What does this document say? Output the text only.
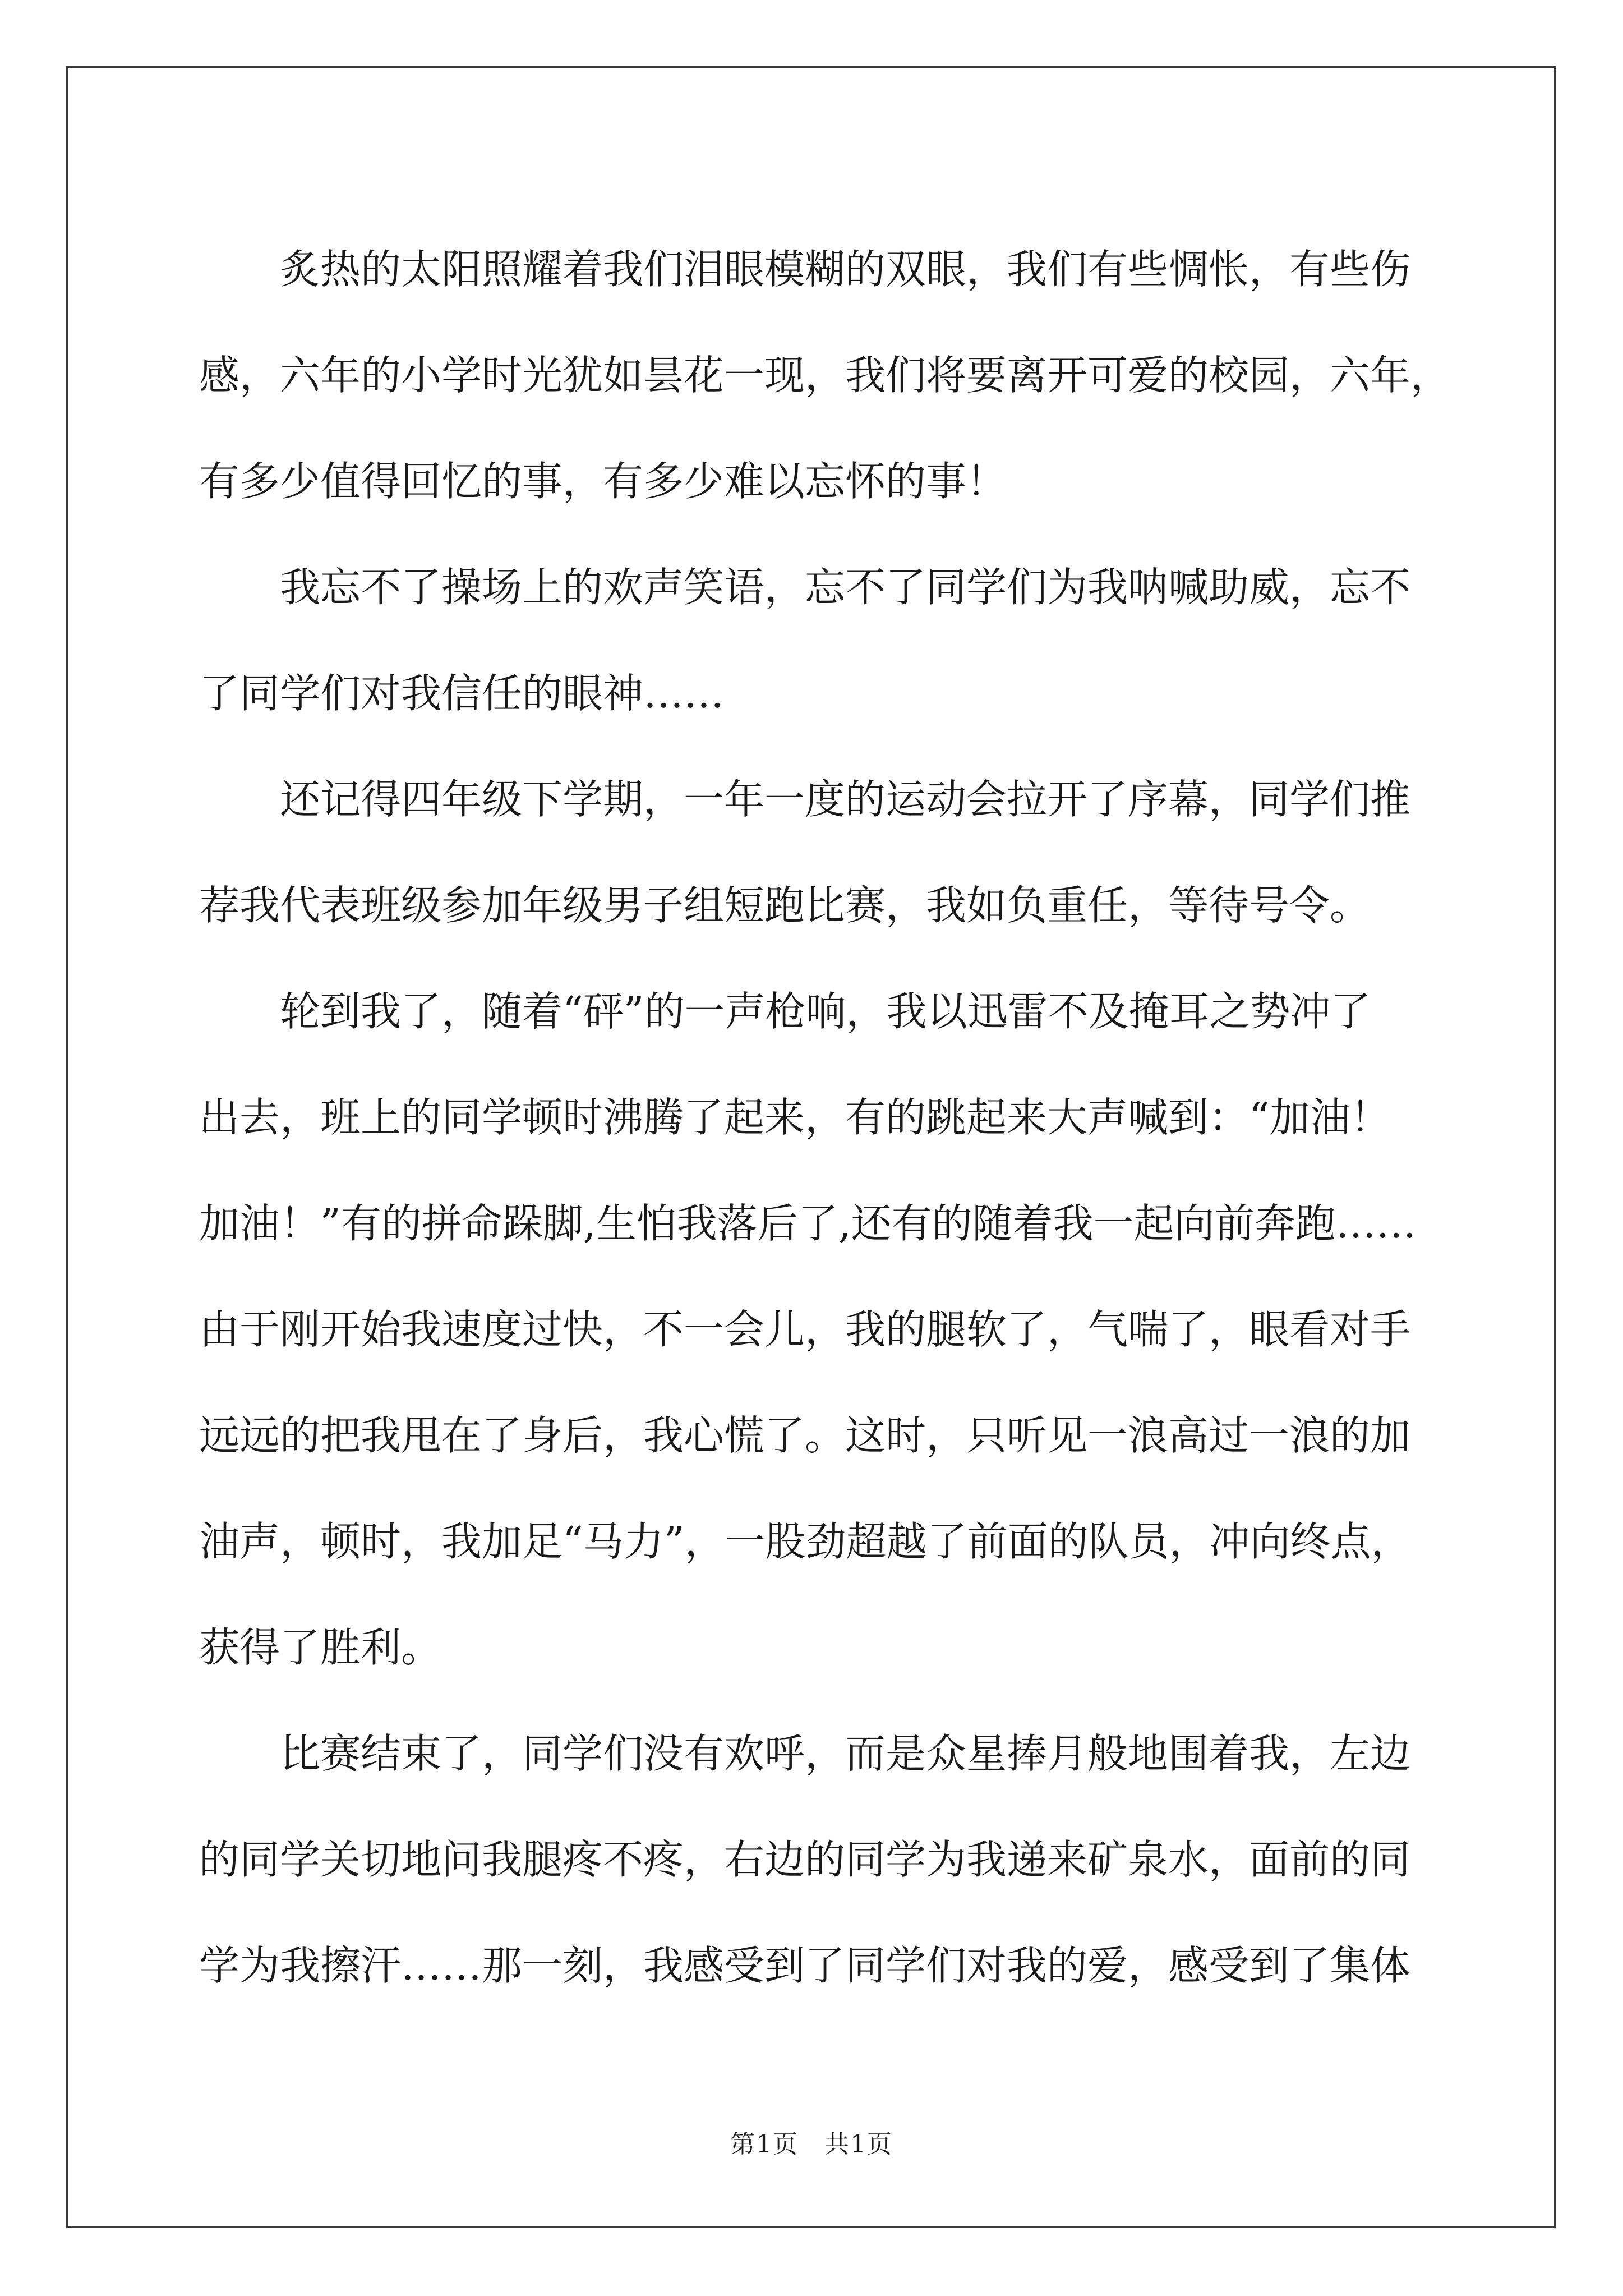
炙热的太阳照耀着我们泪眼模糊的双眼，我们有些惆怅，有些伤
感，六年的小学时光犹如昙花一现，我们将要离开可爱的校园，六年，
有多少值得回忆的事，有多少难以忘怀的事！
我忘不了操场上的欢声笑语，忘不了同学们为我呐喊助威，忘不
了同学们对我信任的眼神……
还记得四年级下学期，一年一度的运动会拉开了序幕，同学们推
荐我代表班级参加年级男子组短跑比赛，我如负重任，等待号令。
轮到我了，随着“砰”的一声枪响，我以迅雷不及掩耳之势冲了
出去，班上的同学顿时沸腾了起来，有的跳起来大声喊到：“加油！
加油！”有的拼命跺脚,生怕我落后了,还有的随着我一起向前奔跑……
由于刚开始我速度过快，不一会儿，我的腿软了，气喘了，眼看对手
远远的把我甩在了身后，我心慌了。这时，只听见一浪高过一浪的加
油声，顿时，我加足“马力”，一股劲超越了前面的队员，冲向终点，
获得了胜利。
比赛结束了，同学们没有欢呼，而是众星捧月般地围着我，左边
的同学关切地问我腿疼不疼，右边的同学为我递来矿泉水，面前的同
学为我擦汗……那一刻，我感受到了同学们对我的爱，感受到了集体
第1页　共1页
